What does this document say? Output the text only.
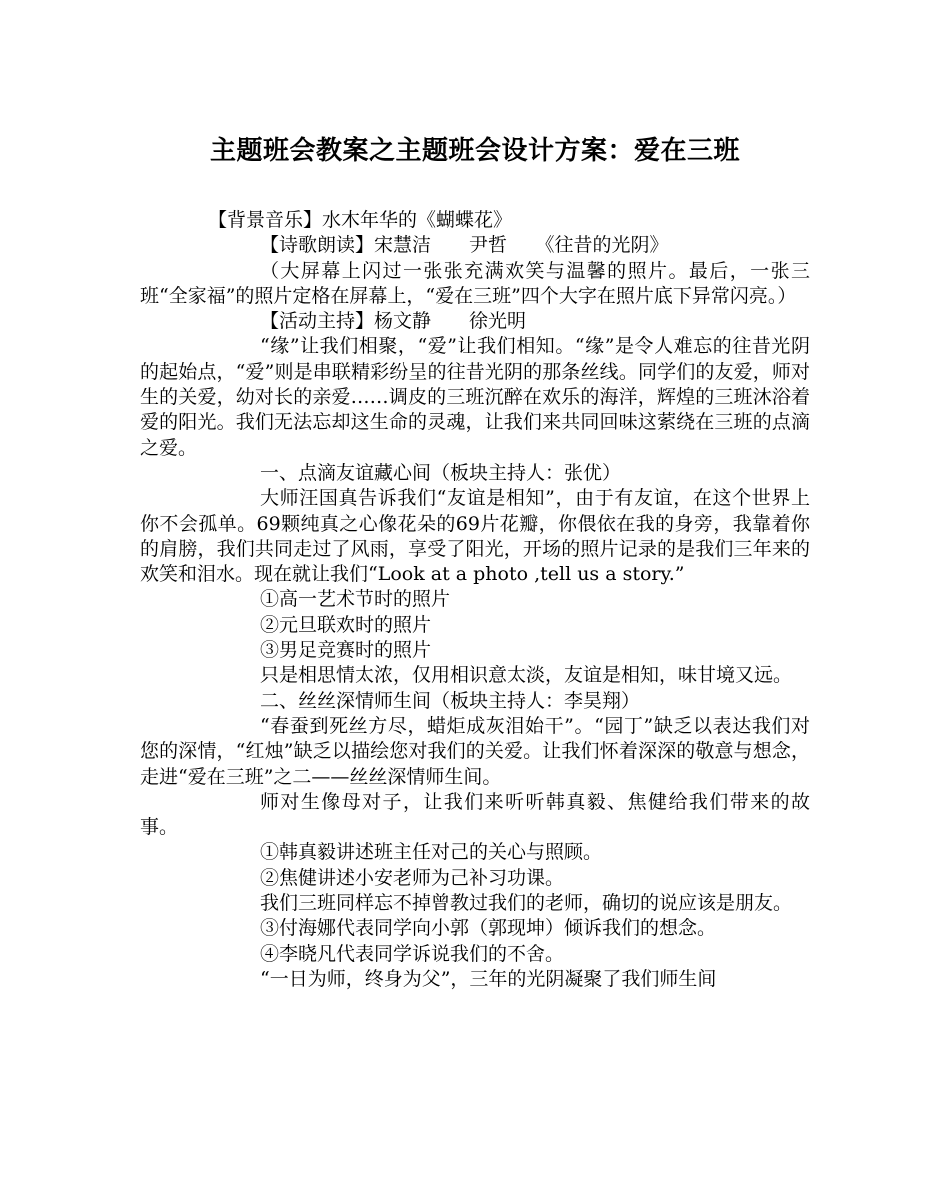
主题班会教案之主题班会设计方案：爱在三班

【背景音乐】水木年华的《蝴蝶花》

【诗歌朗读】宋慧洁　　尹哲　　《往昔的光阴》

（大屏幕上闪过一张张充满欢笑与温馨的照片。最后，一张三班“全家福”的照片定格在屏幕上，“爱在三班”四个大字在照片底下异常闪亮。）

【活动主持】杨文静　　徐光明

“缘”让我们相聚，“爱”让我们相知。“缘”是令人难忘的往昔光阴的起始点，“爱”则是串联精彩纷呈的往昔光阴的那条丝线。同学们的友爱，师对生的关爱，幼对长的亲爱……调皮的三班沉醉在欢乐的海洋，辉煌的三班沐浴着爱的阳光。我们无法忘却这生命的灵魂，让我们来共同回味这萦绕在三班的点滴之爱。

一、点滴友谊藏心间（板块主持人：张优）

大师汪国真告诉我们“友谊是相知”，由于有友谊，在这个世界上你不会孤单。69颗纯真之心像花朵的69片花瓣，你偎依在我的身旁，我靠着你的肩膀，我们共同走过了风雨，享受了阳光，开场的照片记录的是我们三年来的欢笑和泪水。现在就让我们“Look at a photo ,tell us a story.”

①高一艺术节时的照片

②元旦联欢时的照片

③男足竞赛时的照片

只是相思情太浓，仅用相识意太淡，友谊是相知，味甘境又远。

二、丝丝深情师生间（板块主持人：李昊翔）

“春蚕到死丝方尽，蜡炬成灰泪始干”。“园丁”缺乏以表达我们对您的深情，“红烛”缺乏以描绘您对我们的关爱。让我们怀着深深的敬意与想念，走进“爱在三班”之二——丝丝深情师生间。

师对生像母对子，让我们来听听韩真毅、焦健给我们带来的故事。

①韩真毅讲述班主任对己的关心与照顾。

②焦健讲述小安老师为己补习功课。

我们三班同样忘不掉曾教过我们的老师，确切的说应该是朋友。

③付海娜代表同学向小郭（郭现坤）倾诉我们的想念。

④李晓凡代表同学诉说我们的不舍。

“一日为师，终身为父”，三年的光阴凝聚了我们师生间
